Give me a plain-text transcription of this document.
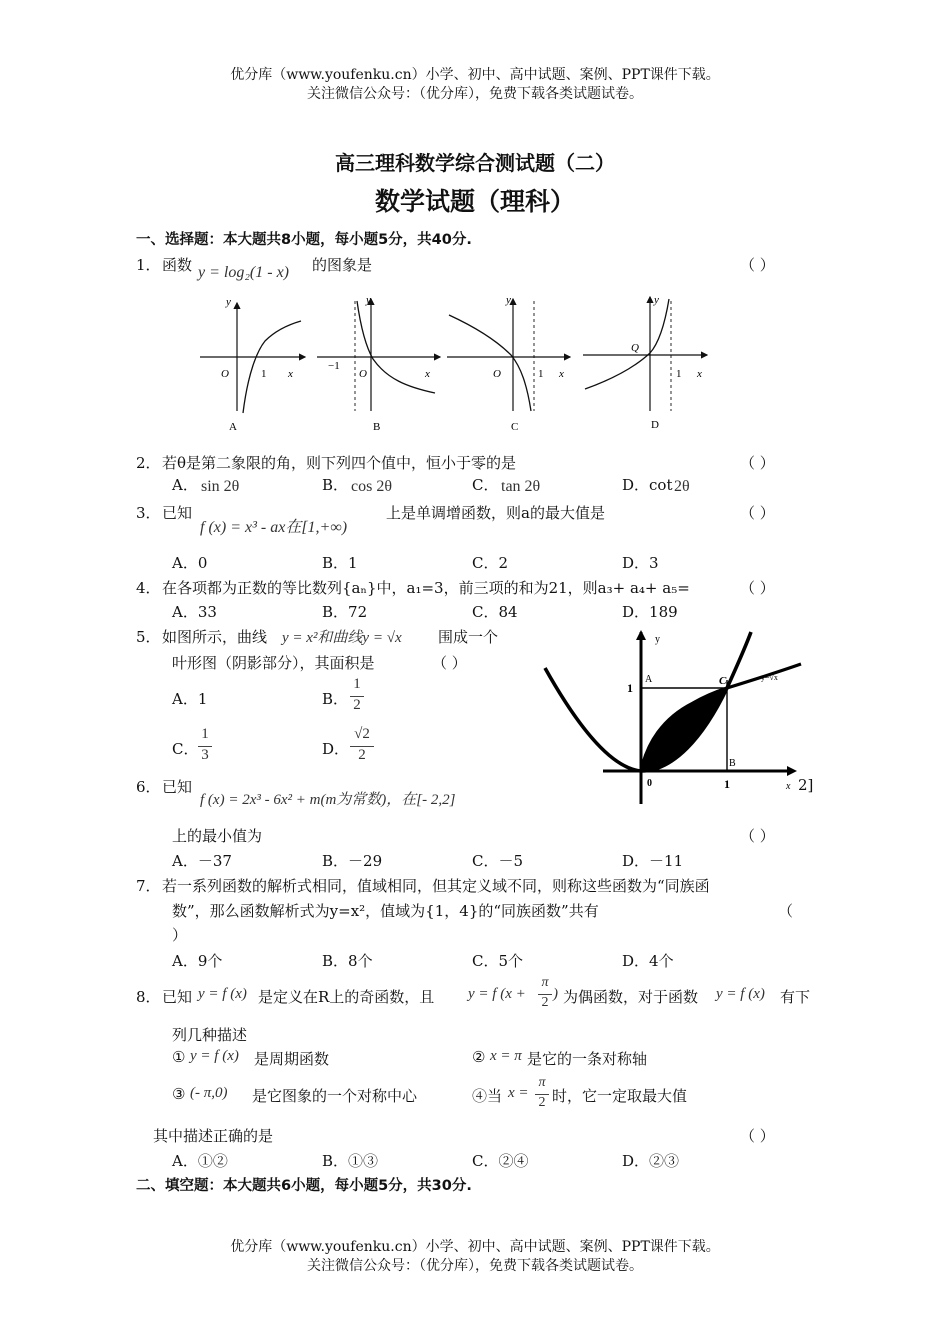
优分库（www.youfenku.cn）小学、初中、高中试题、案例、PPT课件下载。
关注微信公众号：（优分库），免费下载各类试题试卷。
高三理科数学综合测试题（二）
数学试题（理科）
一、选择题：本大题共8小题，每小题5分，共40分.
1． 函数 y = log₂(1 - x) 的图象是	（ ）
y
O	1 x
A
y
−1
O	x
B
y
O	1 x
C
y
Q
1 x
D
2． 若θ是第二象限的角，则下列四个值中，恒小于零的是	（ ）
A． sin 2θ	B． cos 2θ	C． tan 2θ	D．cot 2θ
3． 已知
f (x) = x³ - ax在[1,+∞)
上是单调增函数，则a的最大值是	（ ）
A．0	B．1	C．2	D．3
4． 在各项都为正数的等比数列{aₙ}中，a₁=3，前三项的和为21，则a₃+ a₄+ a₅=	（ ）
A．33	B．72	C．84	D．189
5． 如图所示，曲线 y = x²和曲线y = √x 围成一个
叶形图（阴影部分），其面积是	（ ）
A．1	B． $\frac{1}{2}$
C． $\frac{1}{3}$	D． $\frac{√2}{2}$
y
0
A
B
C
1
1	x
y=√x
6． 已知
f (x) = 2x³ - 6x² + m(m为常数)，在[- 2,2]
2]
上的最小值为	（ ）
A．－37	B．－29	C．－5	D．－11
7． 若一系列函数的解析式相同，值域相同，但其定义域不同，则称这些函数为“同族函
数”，那么函数解析式为y=x²，值域为{1，4}的“同族函数”共有	（
）
A．9个	B．8个	C．5个	D．4个
8． 已知 y = f (x) 是定义在R上的奇函数，且 y = f ($x + \frac{\pi}{2}$ ) 为偶函数，对于函数 y = f (x) 有下
列几种描述
① y = f (x) 是周期函数	② x = π 是它的一条对称轴
③ (- π,0) 是它图象的一个对称中心	④当 $x = \frac{\pi}{2}$ 时，它一定取最大值
其中描述正确的是	（ ）
A．①②	B．①③	C．②④	D．②③
二、填空题：本大题共6小题，每小题5分，共30分.
优分库（www.youfenku.cn）小学、初中、高中试题、案例、PPT课件下载。
关注微信公众号：（优分库），免费下载各类试题试卷。
